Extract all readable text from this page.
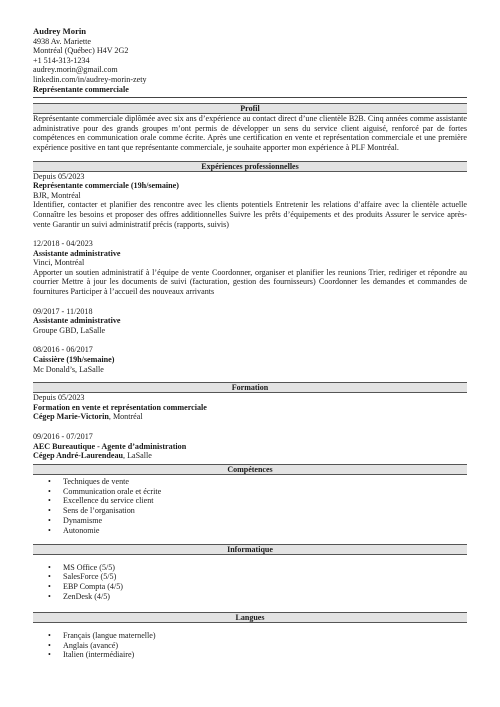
Audrey Morin
4938 Av. Mariette
Montréal (Québec) H4V 2G2
+1 514-313-1234
audrey.morin@gmail.com
linkedin.com/in/audrey-morin-zety
Représentante commerciale
Profil
Représentante commerciale diplômée avec six ans d’expérience au contact direct d’une clientèle B2B. Cinq années comme assistante administrative pour des grands groupes m’ont permis de développer un sens du service client aiguisé, renforcé par de fortes compétences en communication orale comme écrite. Après une certification en vente et représentation commerciale et une première expérience positive en tant que représentante commerciale, je souhaite apporter mon expérience à PLF Montréal.
Expériences professionnelles
Depuis 05/2023
Représentante commerciale (19h/semaine)
BJR, Montréal
Identifier, contacter et planifier des rencontre avec les clients potentiels Entretenir les relations d’affaire avec la clientèle actuelle Connaître les besoins et proposer des offres additionnelles Suivre les prêts d’équipements et des produits Assurer le service après-vente Garantir un suivi administratif précis (rapports, suivis)
12/2018 - 04/2023
Assistante administrative
Vinci, Montréal
Apporter un soutien administratif à l’équipe de vente Coordonner, organiser et planifier les reunions Trier, rediriger et répondre au courrier Mettre à jour les documents de suivi (facturation, gestion des fournisseurs) Coordonner les demandes et commandes de fournitures Participer à l’accueil des nouveaux arrivants
09/2017 - 11/2018
Assistante administrative
Groupe GBD, LaSalle
08/2016 - 06/2017
Caissière (19h/semaine)
Mc Donald’s, LaSalle
Formation
Depuis 05/2023
Formation en vente et représentation commerciale
Cégep Marie-Victorin, Montréal
09/2016 - 07/2017
AEC Bureautique - Agente d’administration
Cégep André-Laurendeau, LaSalle
Compétences
• Techniques de vente
• Communication orale et écrite
• Excellence du service client
• Sens de l’organisation
• Dynamisme
• Autonomie
Informatique
• MS Office (5/5)
• SalesForce (5/5)
• EBP Compta (4/5)
• ZenDesk (4/5)
Langues
• Français (langue maternelle)
• Anglais (avancé)
• Italien (intermédiaire)
